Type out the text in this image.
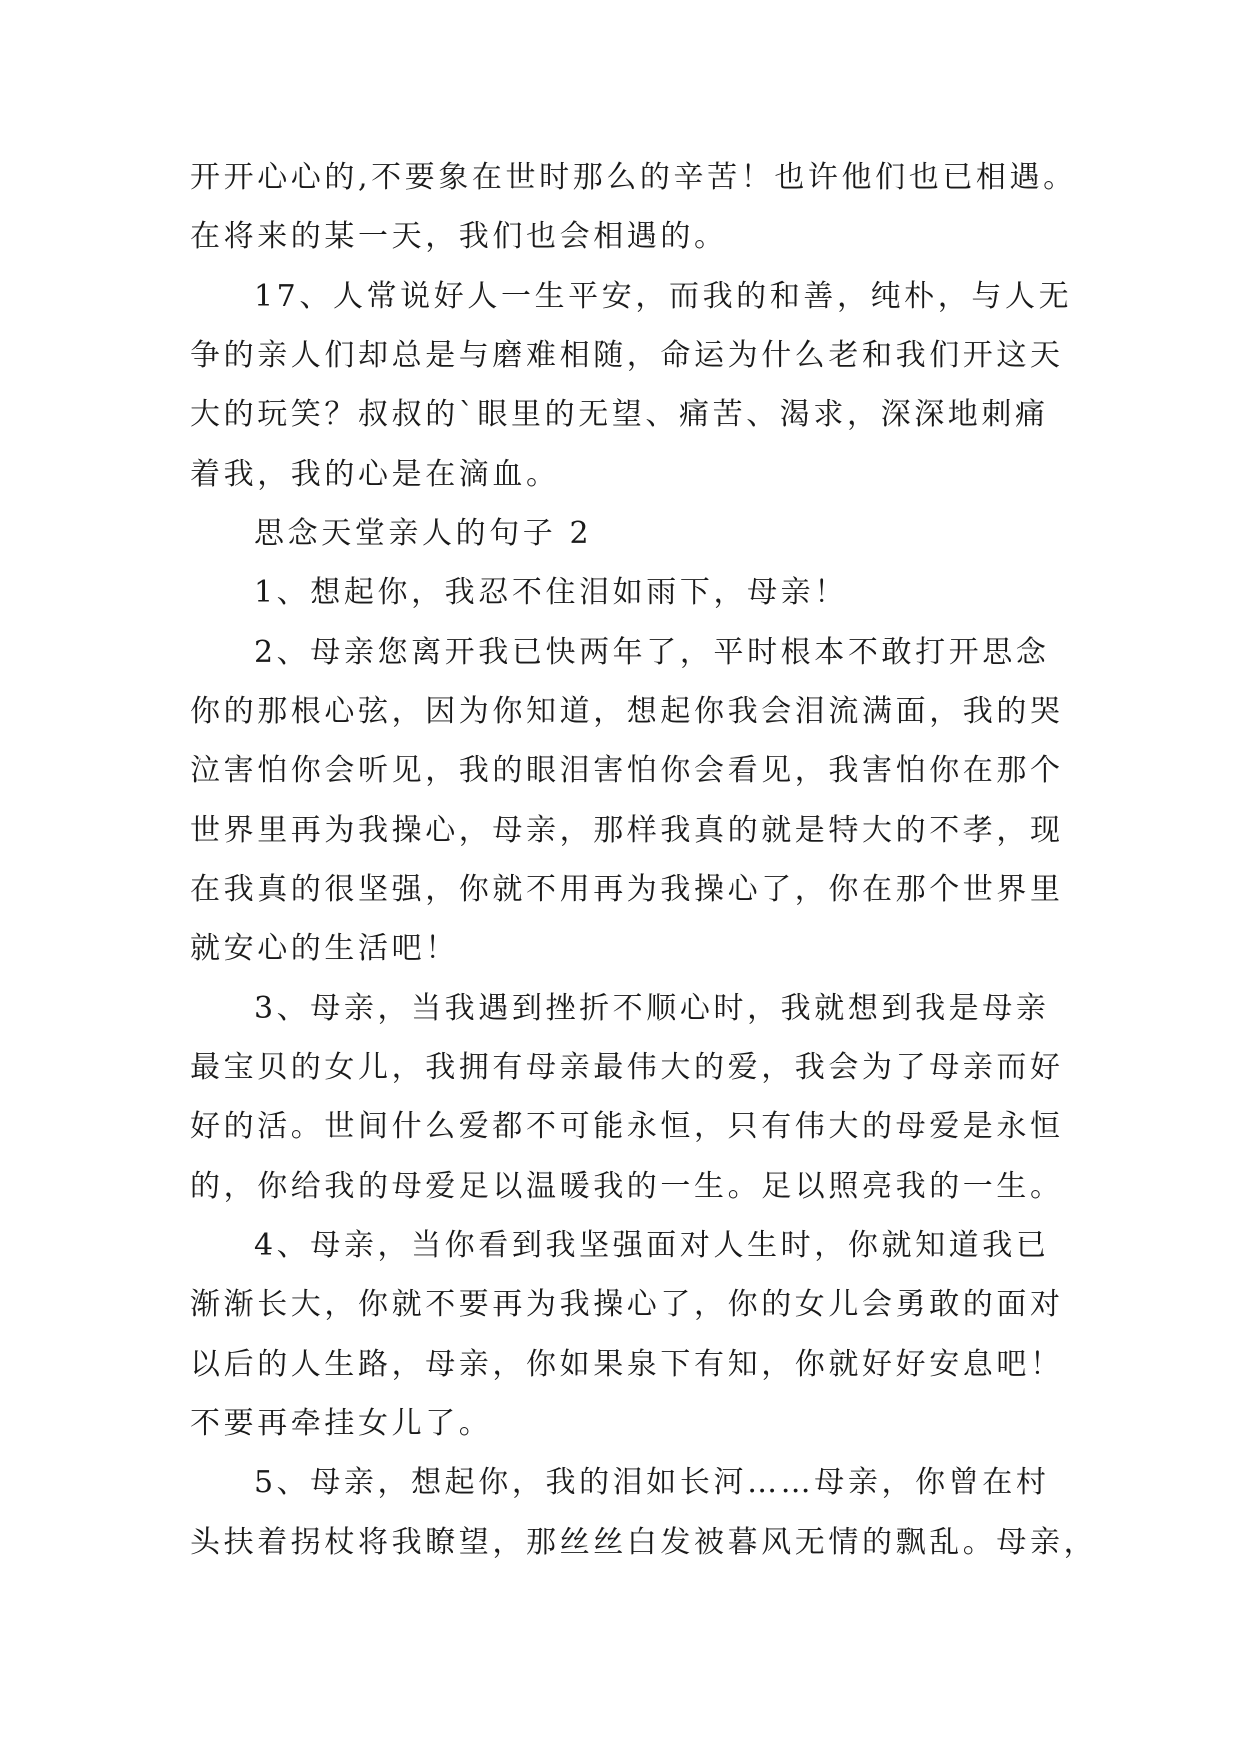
开开心心的,不要象在世时那么的辛苦！也许他们也已相遇。
在将来的某一天，我们也会相遇的。
17、人常说好人一生平安，而我的和善，纯朴，与人无
争的亲人们却总是与磨难相随，命运为什么老和我们开这天
大的玩笑？叔叔的`眼里的无望、痛苦、渴求，深深地刺痛
着我，我的心是在滴血。
思念天堂亲人的句子 2
1、想起你，我忍不住泪如雨下，母亲！
2、母亲您离开我已快两年了，平时根本不敢打开思念
你的那根心弦，因为你知道，想起你我会泪流满面，我的哭
泣害怕你会听见，我的眼泪害怕你会看见，我害怕你在那个
世界里再为我操心，母亲，那样我真的就是特大的不孝，现
在我真的很坚强，你就不用再为我操心了，你在那个世界里
就安心的生活吧！
3、母亲，当我遇到挫折不顺心时，我就想到我是母亲
最宝贝的女儿，我拥有母亲最伟大的爱，我会为了母亲而好
好的活。世间什么爱都不可能永恒，只有伟大的母爱是永恒
的，你给我的母爱足以温暖我的一生。足以照亮我的一生。
4、母亲，当你看到我坚强面对人生时，你就知道我已
渐渐长大，你就不要再为我操心了，你的女儿会勇敢的面对
以后的人生路，母亲，你如果泉下有知，你就好好安息吧！
不要再牵挂女儿了。
5、母亲，想起你，我的泪如长河……母亲，你曾在村
头扶着拐杖将我瞭望，那丝丝白发被暮风无情的飘乱。母亲，
